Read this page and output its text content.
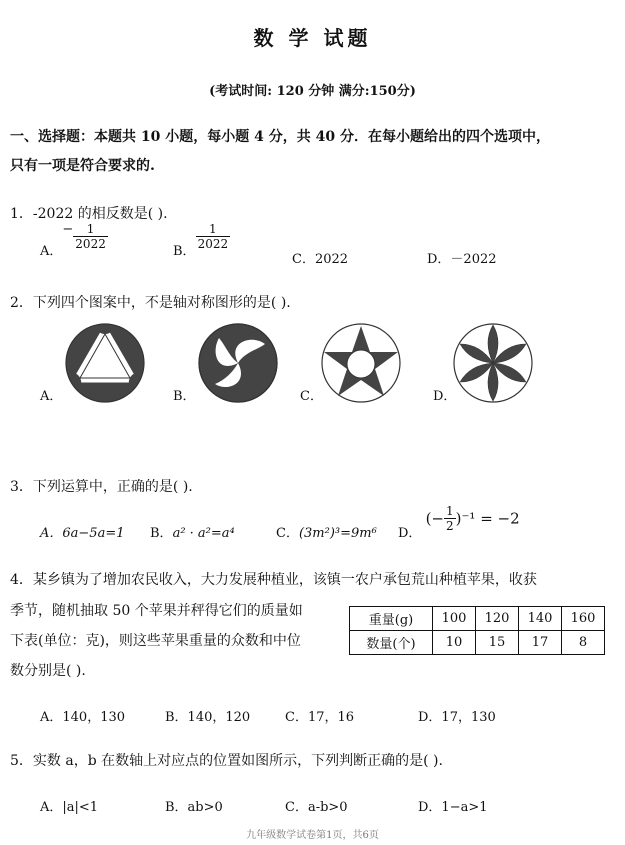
数 学 试题
(考试时间: 120 分钟 满分:150分)
一、选择题：本题共 10 小题，每小题 4 分，共 40 分．在每小题给出的四个选项中，
只有一项是符合要求的.
1．-2022 的相反数是( ).
A．− $\frac{1}{2022}$
B．
$\frac{1}{2022}$
C．2022	D．－2022
2．下列四个图案中，不是轴对称图形的是( ).
A．	B．	C．	D．
3．下列运算中，正确的是( ).
A．6a−5a=1 B．a² · a²=a⁴	C．(3m²)³=9m⁶ D． (− $\frac{1}{2} )^{-1} = -2$
4．某乡镇为了增加农民收入，大力发展种植业，该镇一农户承包荒山种植苹果，收获
季节，随机抽取 50 个苹果并秤得它们的质量如
下表(单位：克)，则这些苹果重量的众数和中位
数分别是( ).
重量(g)	100	120	140	160
数量(个)	10	15	17	8
A．140，130	B．140，120	C．17，16	D．17，130
5．实数 a，b 在数轴上对应点的位置如图所示，下列判断正确的是( ).
A．|a|<1	B．ab>0	C．a-b>0	D．1−a>1
九年级数学试卷第1页，共6页
